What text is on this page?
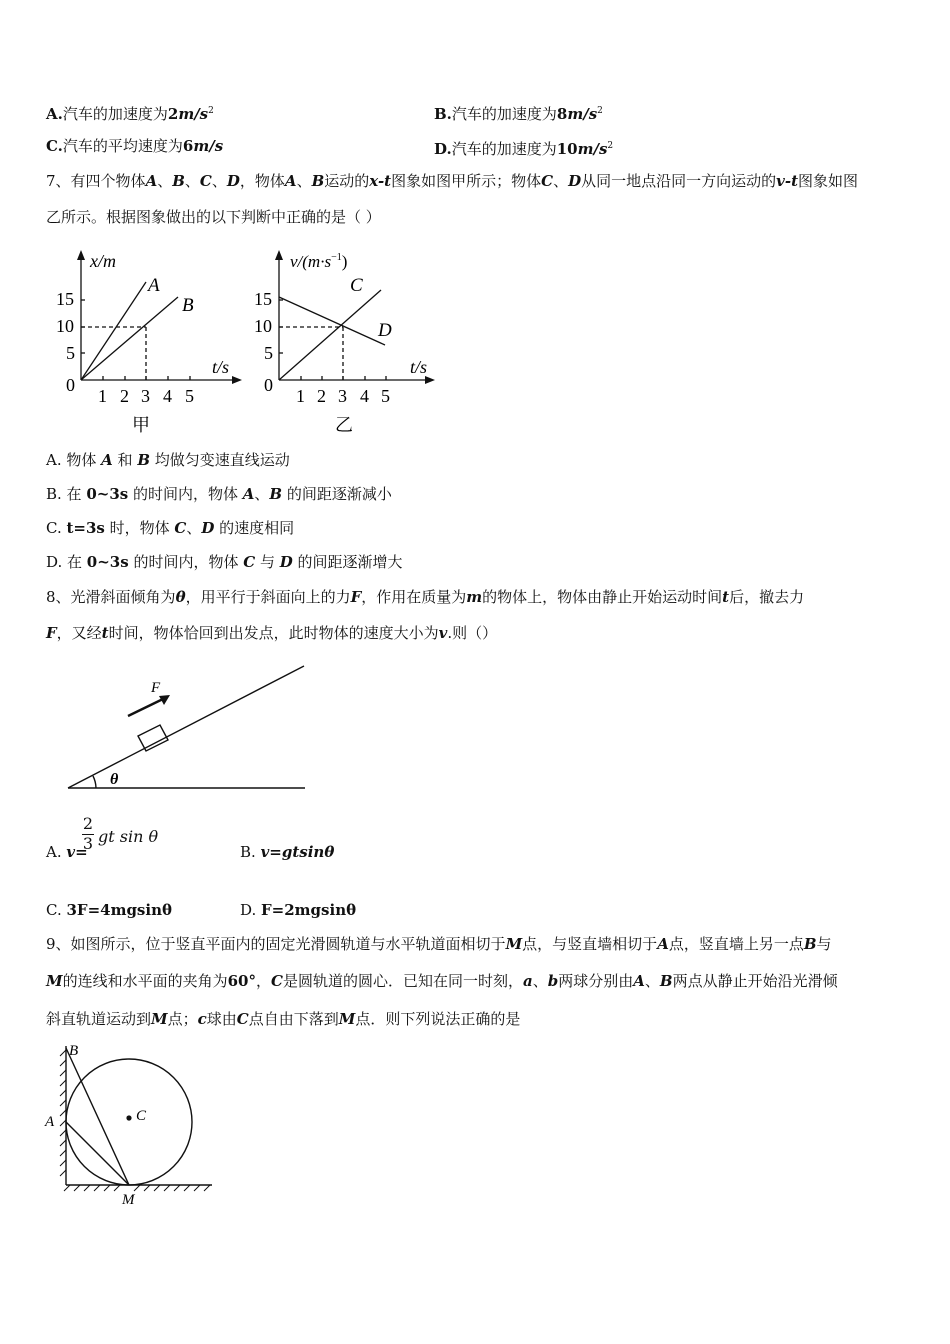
A.汽车的加速度为$2m/s^2$	B.汽车的加速度为$8m/s^2$
C.汽车的平均速度为6m/s	D.汽车的加速度为$10m/s^2$
7、有四个物体A、B、C、D，物体A、B运动的x-t图象如图甲所示；物体C、D从同一地点沿同一方向运动的v-t图象如图
乙所示。根据图象做出的以下判断中正确的是（ ）
x/m
t/s
15
10
5
0
1 2 3 4 5
A
B
甲
$v/(m\cdot s^{-1})$
t/s
15
10
5
0
1 2 3 4 5
C
D
乙
A. 物体 A 和 B 均做匀变速直线运动
B. 在 0~3s 的时间内，物体 A、B 的间距逐渐减小
C. t=3s 时，物体 C、D 的速度相同
D. 在 0~3s 的时间内，物体 C 与 D 的间距逐渐增大
8、光滑斜面倾角为θ，用平行于斜面向上的力F，作用在质量为m的物体上，物体由静止开始运动时间t后，撤去力
F，又经t时间，物体恰回到出发点，此时物体的速度大小为v.则（）
F
θ
A. v=
$\frac{2}{3}$ gt sin θ
B. v=gtsinθ
C. 3F=4mgsinθ	D. F=2mgsinθ
9、如图所示，位于竖直平面内的固定光滑圆轨道与水平轨道面相切于M点，与竖直墙相切于A点，竖直墙上另一点B与
M的连线和水平面的夹角为60°，C是圆轨道的圆心．已知在同一时刻，a、b两球分别由A、B两点从静止开始沿光滑倾
斜直轨道运动到M点；c球由C点自由下落到M点．则下列说法正确的是
B
A	C
M
